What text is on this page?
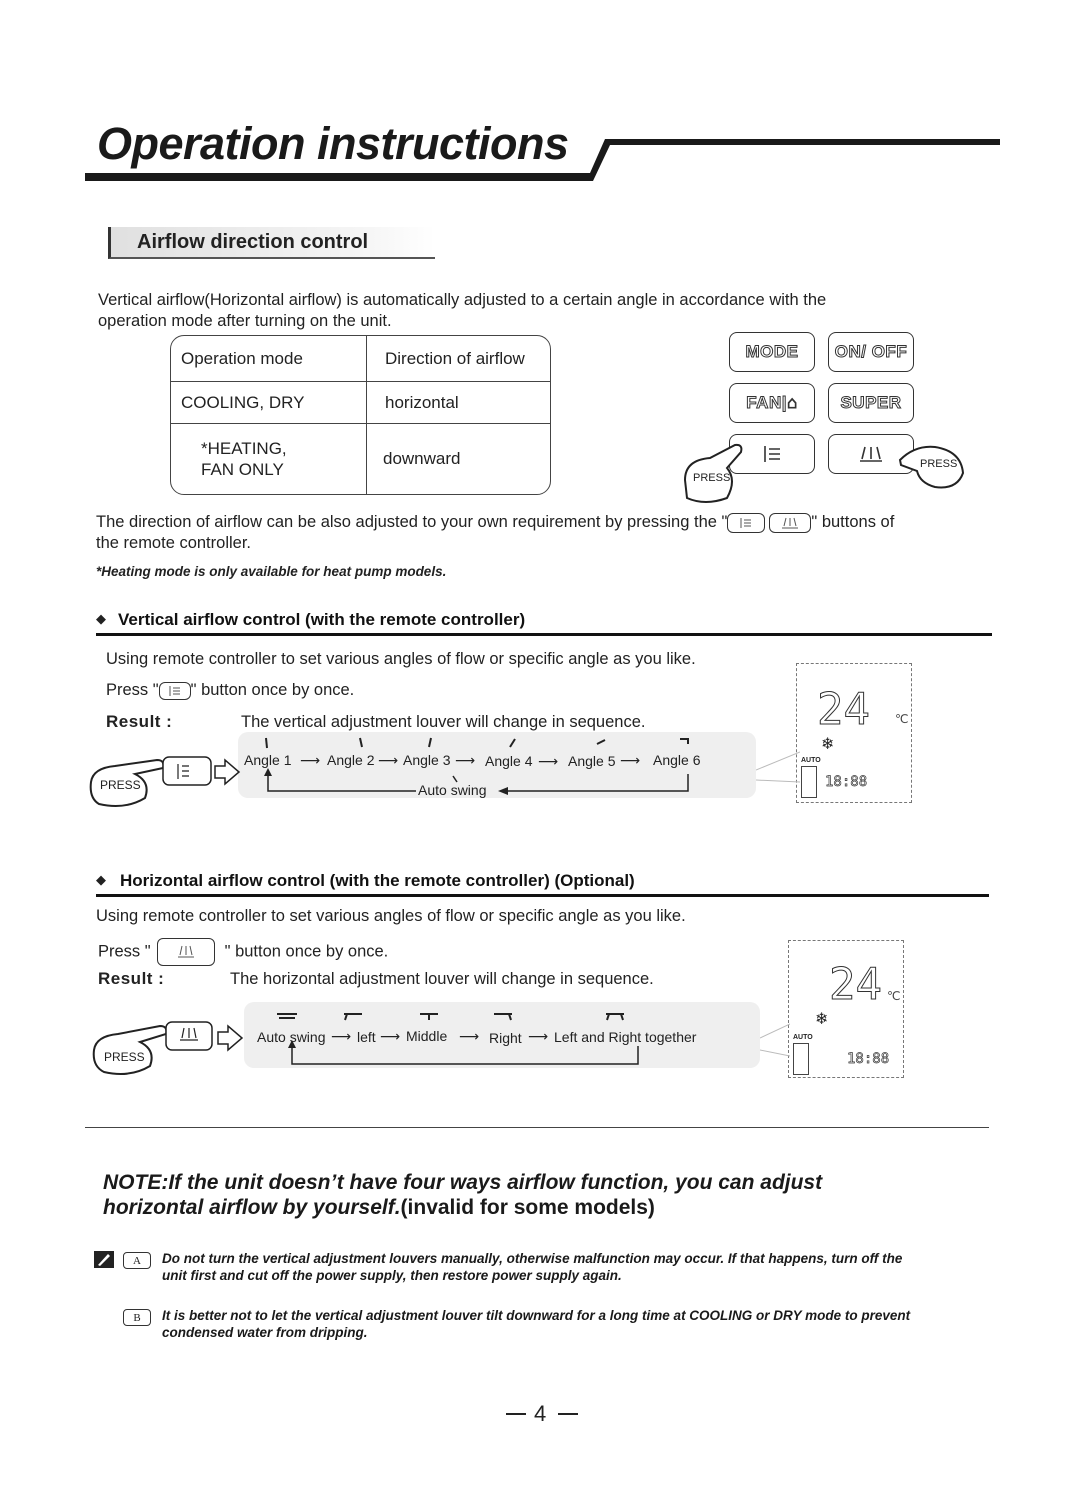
Operation instructions
Airflow direction control
Vertical airflow(Horizontal airflow) is automatically adjusted to a certain angle in accordance with the
operation mode after turning on the unit.
Operation mode	Direction of airflow
COOLING, DRY	horizontal

*HEATING,
FAN ONLY	downward
MODE	ON/ OFF
FAN|⌂	SUPER
PRESS
PRESS
The direction of airflow can be also adjusted to your own requirement by pressing the "	" buttons of
the remote controller.
*Heating mode is only available for heat pump models.
◆ Vertical airflow control (with the remote controller)
Using remote controller to set various angles of flow or specific angle as you like.
Press " " button once by once.
Result :	The vertical adjustment louver will change in sequence.
Angle 1 ⟶ Angle 2 ⟶ Angle 3 ⟶ Angle 4 ⟶ Angle 5 ⟶ Angle 6
Auto swing
PRESS
24 ℃
❄
AUTO
18:88
◆ Horizontal airflow control (with the remote controller) (Optional)
Using remote controller to set various angles of flow or specific angle as you like.
Press "	" button once by once.
Result :	The horizontal adjustment louver will change in sequence.
Auto swing ⟶ left ⟶ Middle ⟶ Right ⟶ Left and Right together
PRESS
24 ℃
❄
AUTO
18:88
NOTE:If the unit doesn’t have four ways airflow function, you can adjust
horizontal airflow by yourself.(invalid for some models)
A	Do not turn the vertical adjustment louvers manually, otherwise malfunction may occur. If that happens, turn off the
unit first and cut off the power supply, then restore power supply again.
B	It is better not to let the vertical adjustment louver tilt downward for a long time at COOLING or DRY mode to prevent
condensed water from dripping.
4
